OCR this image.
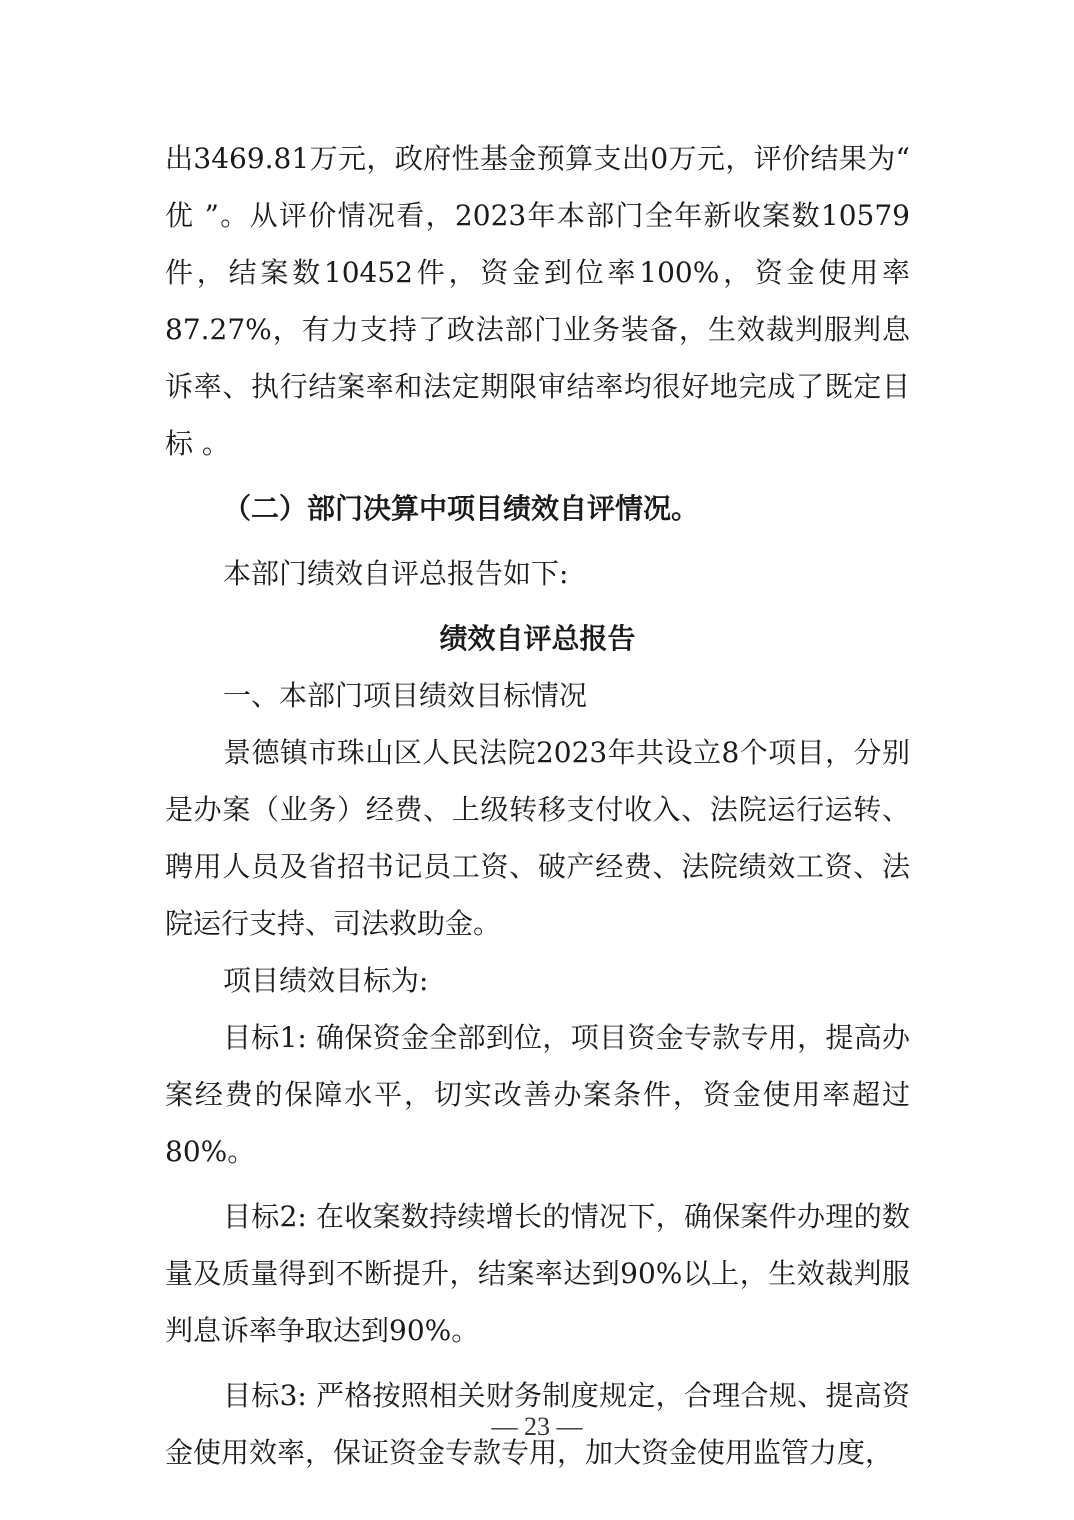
出3469.81万元，政府性基金预算支出0万元，评价结果为“ 优 ”。从评价情况看，2023年本部门全年新收案数10579件，结案数10452件，资金到位率100%，资金使用率87.27%，有力支持了政法部门业务装备，生效裁判服判息诉率、执行结案率和法定期限审结率均很好地完成了既定目标 。

（二）部门决算中项目绩效自评情况。

本部门绩效自评总报告如下:

绩效自评总报告

一、本部门项目绩效目标情况

景德镇市珠山区人民法院2023年共设立8个项目，分别是办案（业务）经费、上级转移支付收入、法院运行运转、聘用人员及省招书记员工资、破产经费、法院绩效工资、法院运行支持、司法救助金。

项目绩效目标为:

目标1: 确保资金全部到位，项目资金专款专用，提高办案经费的保障水平，切实改善办案条件，资金使用率超过80%。

目标2: 在收案数持续增长的情况下，确保案件办理的数量及质量得到不断提升，结案率达到90%以上，生效裁判服判息诉率争取达到90%。

目标3: 严格按照相关财务制度规定，合理合规、提高资金使用效率，保证资金专款专用，加大资金使用监管力度，

— 23 —
